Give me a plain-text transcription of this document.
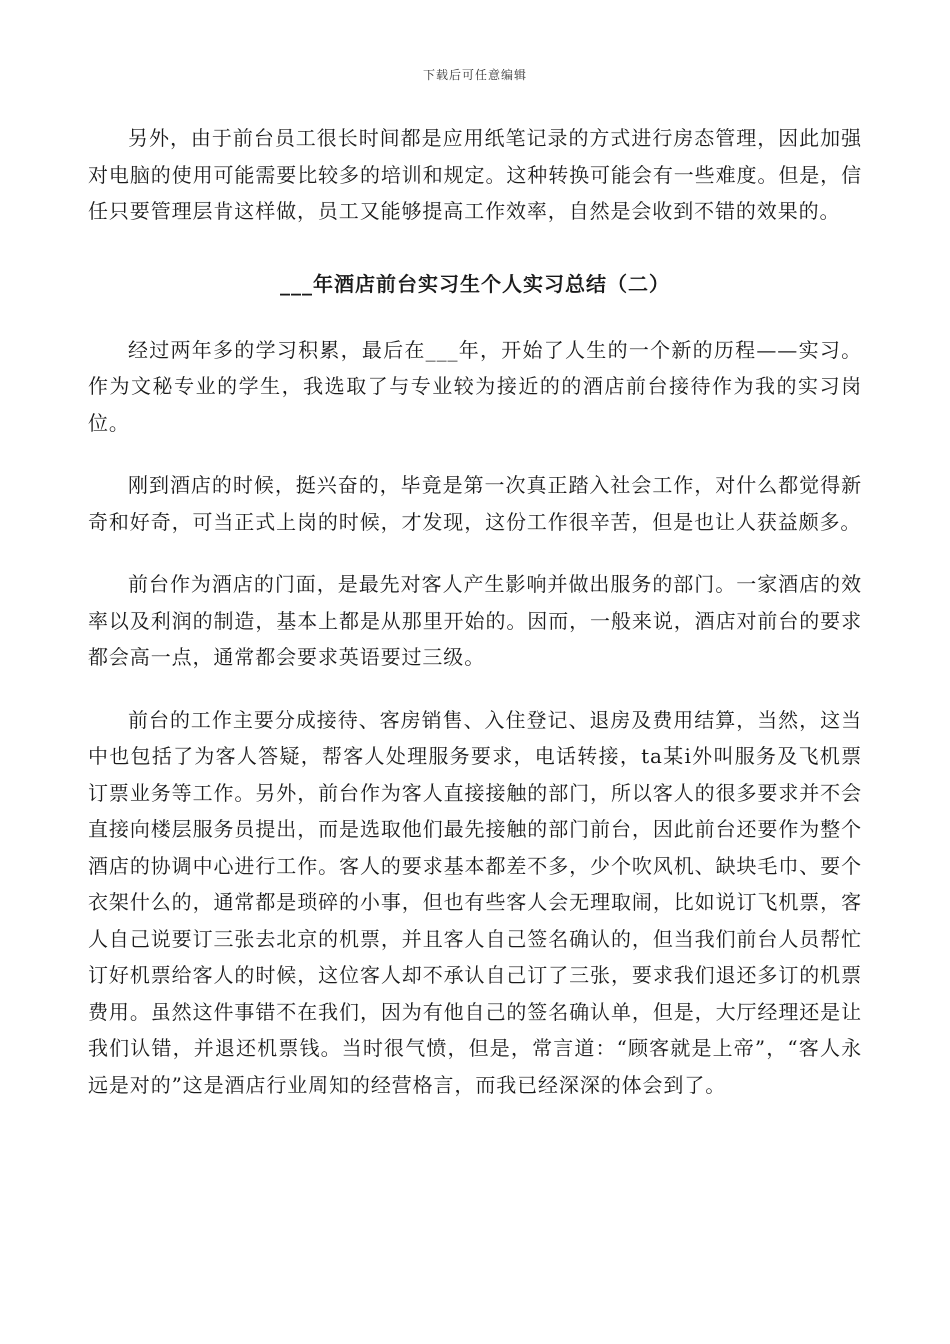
下载后可任意编辑

另外，由于前台员工很长时间都是应用纸笔记录的方式进行房态管理，因此加强对电脑的使用可能需要比较多的培训和规定。这种转换可能会有一些难度。但是，信任只要管理层肯这样做，员工又能够提高工作效率，自然是会收到不错的效果的。

___年酒店前台实习生个人实习总结（二）

经过两年多的学习积累，最后在___年，开始了人生的一个新的历程——实习。作为文秘专业的学生，我选取了与专业较为接近的的酒店前台接待作为我的实习岗位。

刚到酒店的时候，挺兴奋的，毕竟是第一次真正踏入社会工作，对什么都觉得新奇和好奇，可当正式上岗的时候，才发现，这份工作很辛苦，但是也让人获益颇多。

前台作为酒店的门面，是最先对客人产生影响并做出服务的部门。一家酒店的效率以及利润的制造，基本上都是从那里开始的。因而，一般来说，酒店对前台的要求都会高一点，通常都会要求英语要过三级。

前台的工作主要分成接待、客房销售、入住登记、退房及费用结算，当然，这当中也包括了为客人答疑，帮客人处理服务要求，电话转接，ta某i外叫服务及飞机票订票业务等工作。另外，前台作为客人直接接触的部门，所以客人的很多要求并不会直接向楼层服务员提出，而是选取他们最先接触的部门前台，因此前台还要作为整个酒店的协调中心进行工作。客人的要求基本都差不多，少个吹风机、缺块毛巾、要个衣架什么的，通常都是琐碎的小事，但也有些客人会无理取闹，比如说订飞机票，客人自己说要订三张去北京的机票，并且客人自己签名确认的，但当我们前台人员帮忙订好机票给客人的时候，这位客人却不承认自己订了三张，要求我们退还多订的机票费用。虽然这件事错不在我们，因为有他自己的签名确认单，但是，大厅经理还是让我们认错，并退还机票钱。当时很气愤，但是，常言道：“顾客就是上帝”，“客人永远是对的”这是酒店行业周知的经营格言，而我已经深深的体会到了。
